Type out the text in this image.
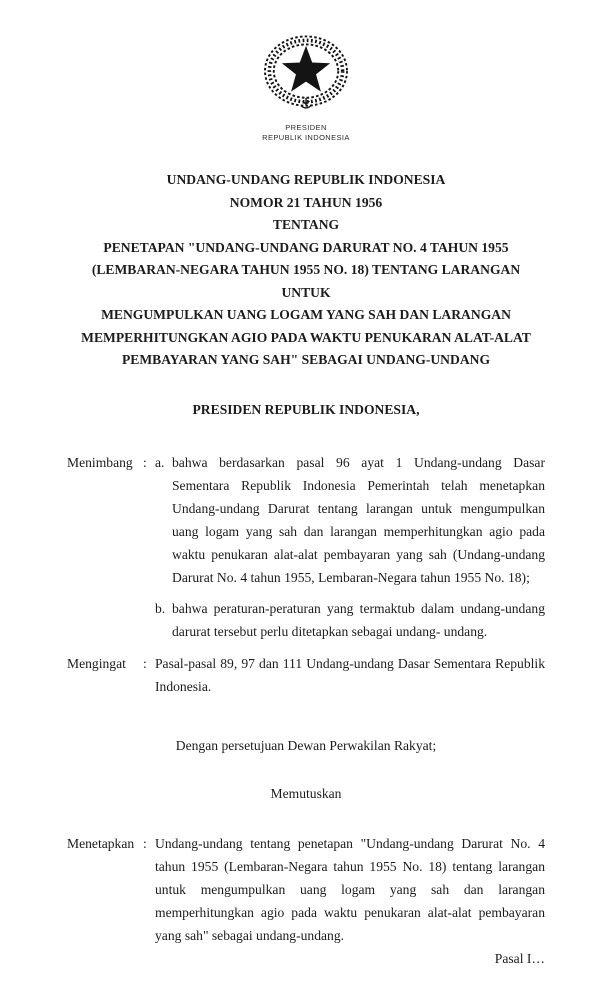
PRESIDEN
REPUBLIK INDONESIA
UNDANG-UNDANG REPUBLIK INDONESIA
NOMOR 21 TAHUN 1956
TENTANG
PENETAPAN "UNDANG-UNDANG DARURAT NO. 4 TAHUN 1955
(LEMBARAN-NEGARA TAHUN 1955 NO. 18) TENTANG LARANGAN UNTUK
MENGUMPULKAN UANG LOGAM YANG SAH DAN LARANGAN
MEMPERHITUNGKAN AGIO PADA WAKTU PENUKARAN ALAT-ALAT
PEMBAYARAN YANG SAH" SEBAGAI UNDANG-UNDANG
PRESIDEN REPUBLIK INDONESIA,
Menimbang : a. bahwa berdasarkan pasal 96 ayat 1 Undang-undang Dasar Sementara Republik Indonesia Pemerintah telah menetapkan Undang-undang Darurat tentang larangan untuk mengumpulkan uang logam yang sah dan larangan memperhitungkan agio pada waktu penukaran alat-alat pembayaran yang sah (Undang-undang Darurat No. 4 tahun 1955, Lembaran-Negara tahun 1955 No. 18);
b. bahwa peraturan-peraturan yang termaktub dalam undang-undang darurat tersebut perlu ditetapkan sebagai undang- undang.
Mengingat	: Pasal-pasal 89, 97 dan 111 Undang-undang Dasar Sementara Republik Indonesia.
Dengan persetujuan Dewan Perwakilan Rakyat;
Memutuskan
Menetapkan : Undang-undang tentang penetapan "Undang-undang Darurat No. 4 tahun 1955 (Lembaran-Negara tahun 1955 No. 18) tentang larangan untuk mengumpulkan uang logam yang sah dan larangan memperhitungkan agio pada waktu penukaran alat-alat pembayaran yang sah" sebagai undang-undang.
Pasal I…
